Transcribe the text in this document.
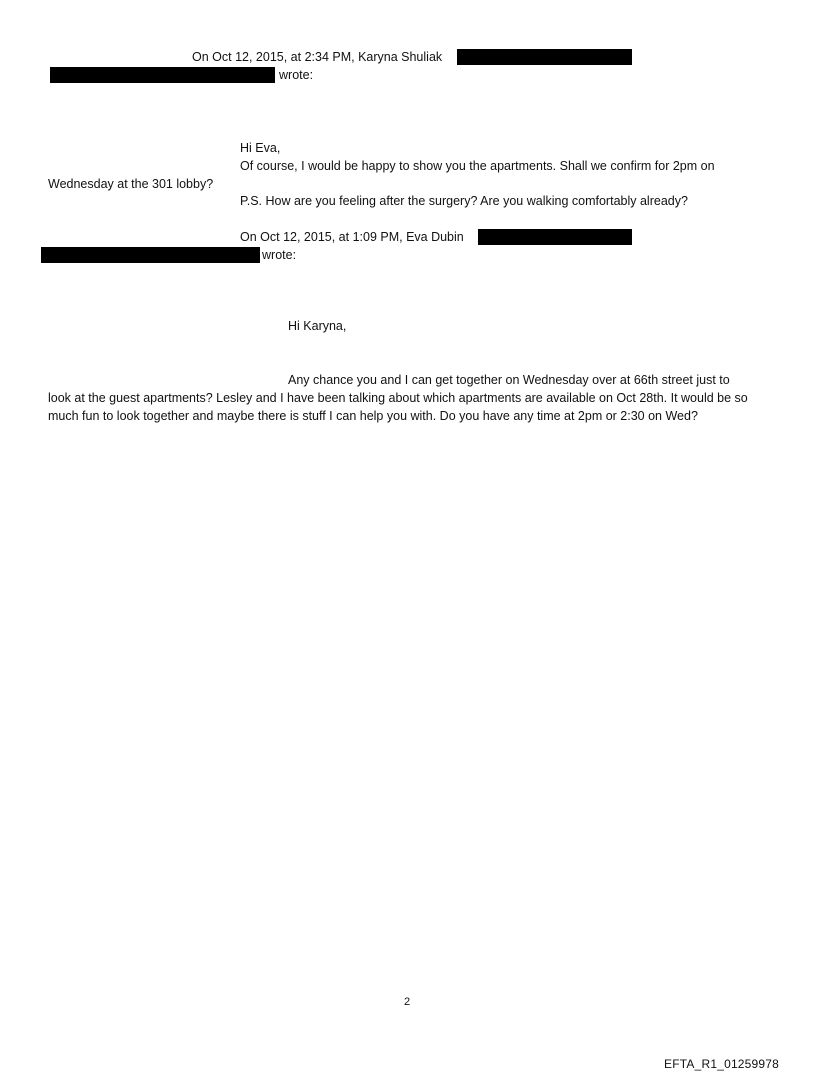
On Oct 12, 2015, at 2:34 PM, Karyna Shuliak
wrote:
Hi Eva,
Of course, I would be happy to show you the apartments. Shall we confirm for 2pm on
Wednesday at the 301 lobby?
P.S. How are you feeling after the surgery? Are you walking comfortably already?
On Oct 12, 2015, at 1:09 PM, Eva Dubin
wrote:
Hi Karyna,
Any chance you and I can get together on Wednesday over at 66th street just to
look at the guest apartments? Lesley and I have been talking about which apartments are available on Oct 28th. It would be so much fun to look together and maybe there is stuff I can help you with. Do you have any time at 2pm or 2:30 on Wed?
2
EFTA_R1_01259978
